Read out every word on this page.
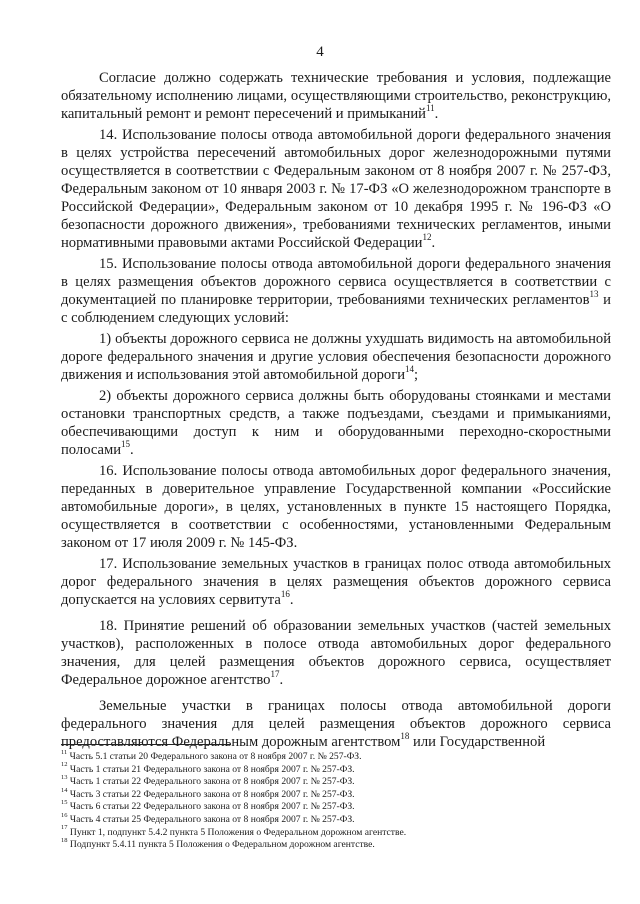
4

Согласие должно содержать технические требования и условия, подлежащие обязательному исполнению лицами, осуществляющими строительство, реконструкцию, капитальный ремонт и ремонт пересечений и примыканий$^{11}$.

14. Использование полосы отвода автомобильной дороги федерального значения в целях устройства пересечений автомобильных дорог железнодорожными путями осуществляется в соответствии с Федеральным законом от 8 ноября 2007 г. № 257-ФЗ, Федеральным законом от 10 января 2003 г. № 17-ФЗ «О железнодорожном транспорте в Российской Федерации», Федеральным законом от 10 декабря 1995 г. № 196-ФЗ «О безопасности дорожного движения», требованиями технических регламентов, иными нормативными правовыми актами Российской Федерации$^{12}$.

15. Использование полосы отвода автомобильной дороги федерального значения в целях размещения объектов дорожного сервиса осуществляется в соответствии с документацией по планировке территории, требованиями технических регламентов$^{13}$ и с соблюдением следующих условий:

1) объекты дорожного сервиса не должны ухудшать видимость на автомобильной дороге федерального значения и другие условия обеспечения безопасности дорожного движения и использования этой автомобильной дороги$^{14}$;

2) объекты дорожного сервиса должны быть оборудованы стоянками и местами остановки транспортных средств, а также подъездами, съездами и примыканиями, обеспечивающими доступ к ним и оборудованными переходно-скоростными полосами$^{15}$.

16. Использование полосы отвода автомобильных дорог федерального значения, переданных в доверительное управление Государственной компании «Российские автомобильные дороги», в целях, установленных в пункте 15 настоящего Порядка, осуществляется в соответствии с особенностями, установленными Федеральным законом от 17 июля 2009 г. № 145-ФЗ.

17. Использование земельных участков в границах полос отвода автомобильных дорог федерального значения в целях размещения объектов дорожного сервиса допускается на условиях сервитута$^{16}$.

18. Принятие решений об образовании земельных участков (частей земельных участков), расположенных в полосе отвода автомобильных дорог федерального значения, для целей размещения объектов дорожного сервиса, осуществляет Федеральное дорожное агентство$^{17}$.

Земельные участки в границах полосы отвода автомобильной дороги федерального значения для целей размещения объектов дорожного сервиса предоставляются Федеральным дорожным агентством$^{18}$ или Государственной

$^{11}$ Часть 5.1 статьи 20 Федерального закона от 8 ноября 2007 г. № 257-ФЗ.
$^{12}$ Часть 1 статьи 21 Федерального закона от 8 ноября 2007 г. № 257-ФЗ.
$^{13}$ Часть 1 статьи 22 Федерального закона от 8 ноября 2007 г. № 257-ФЗ.
$^{14}$ Часть 3 статьи 22 Федерального закона от 8 ноября 2007 г. № 257-ФЗ.
$^{15}$ Часть 6 статьи 22 Федерального закона от 8 ноября 2007 г. № 257-ФЗ.
$^{16}$ Часть 4 статьи 25 Федерального закона от 8 ноября 2007 г. № 257-ФЗ.
$^{17}$ Пункт 1, подпункт 5.4.2 пункта 5 Положения о Федеральном дорожном агентстве.
$^{18}$ Подпункт 5.4.11 пункта 5 Положения о Федеральном дорожном агентстве.
